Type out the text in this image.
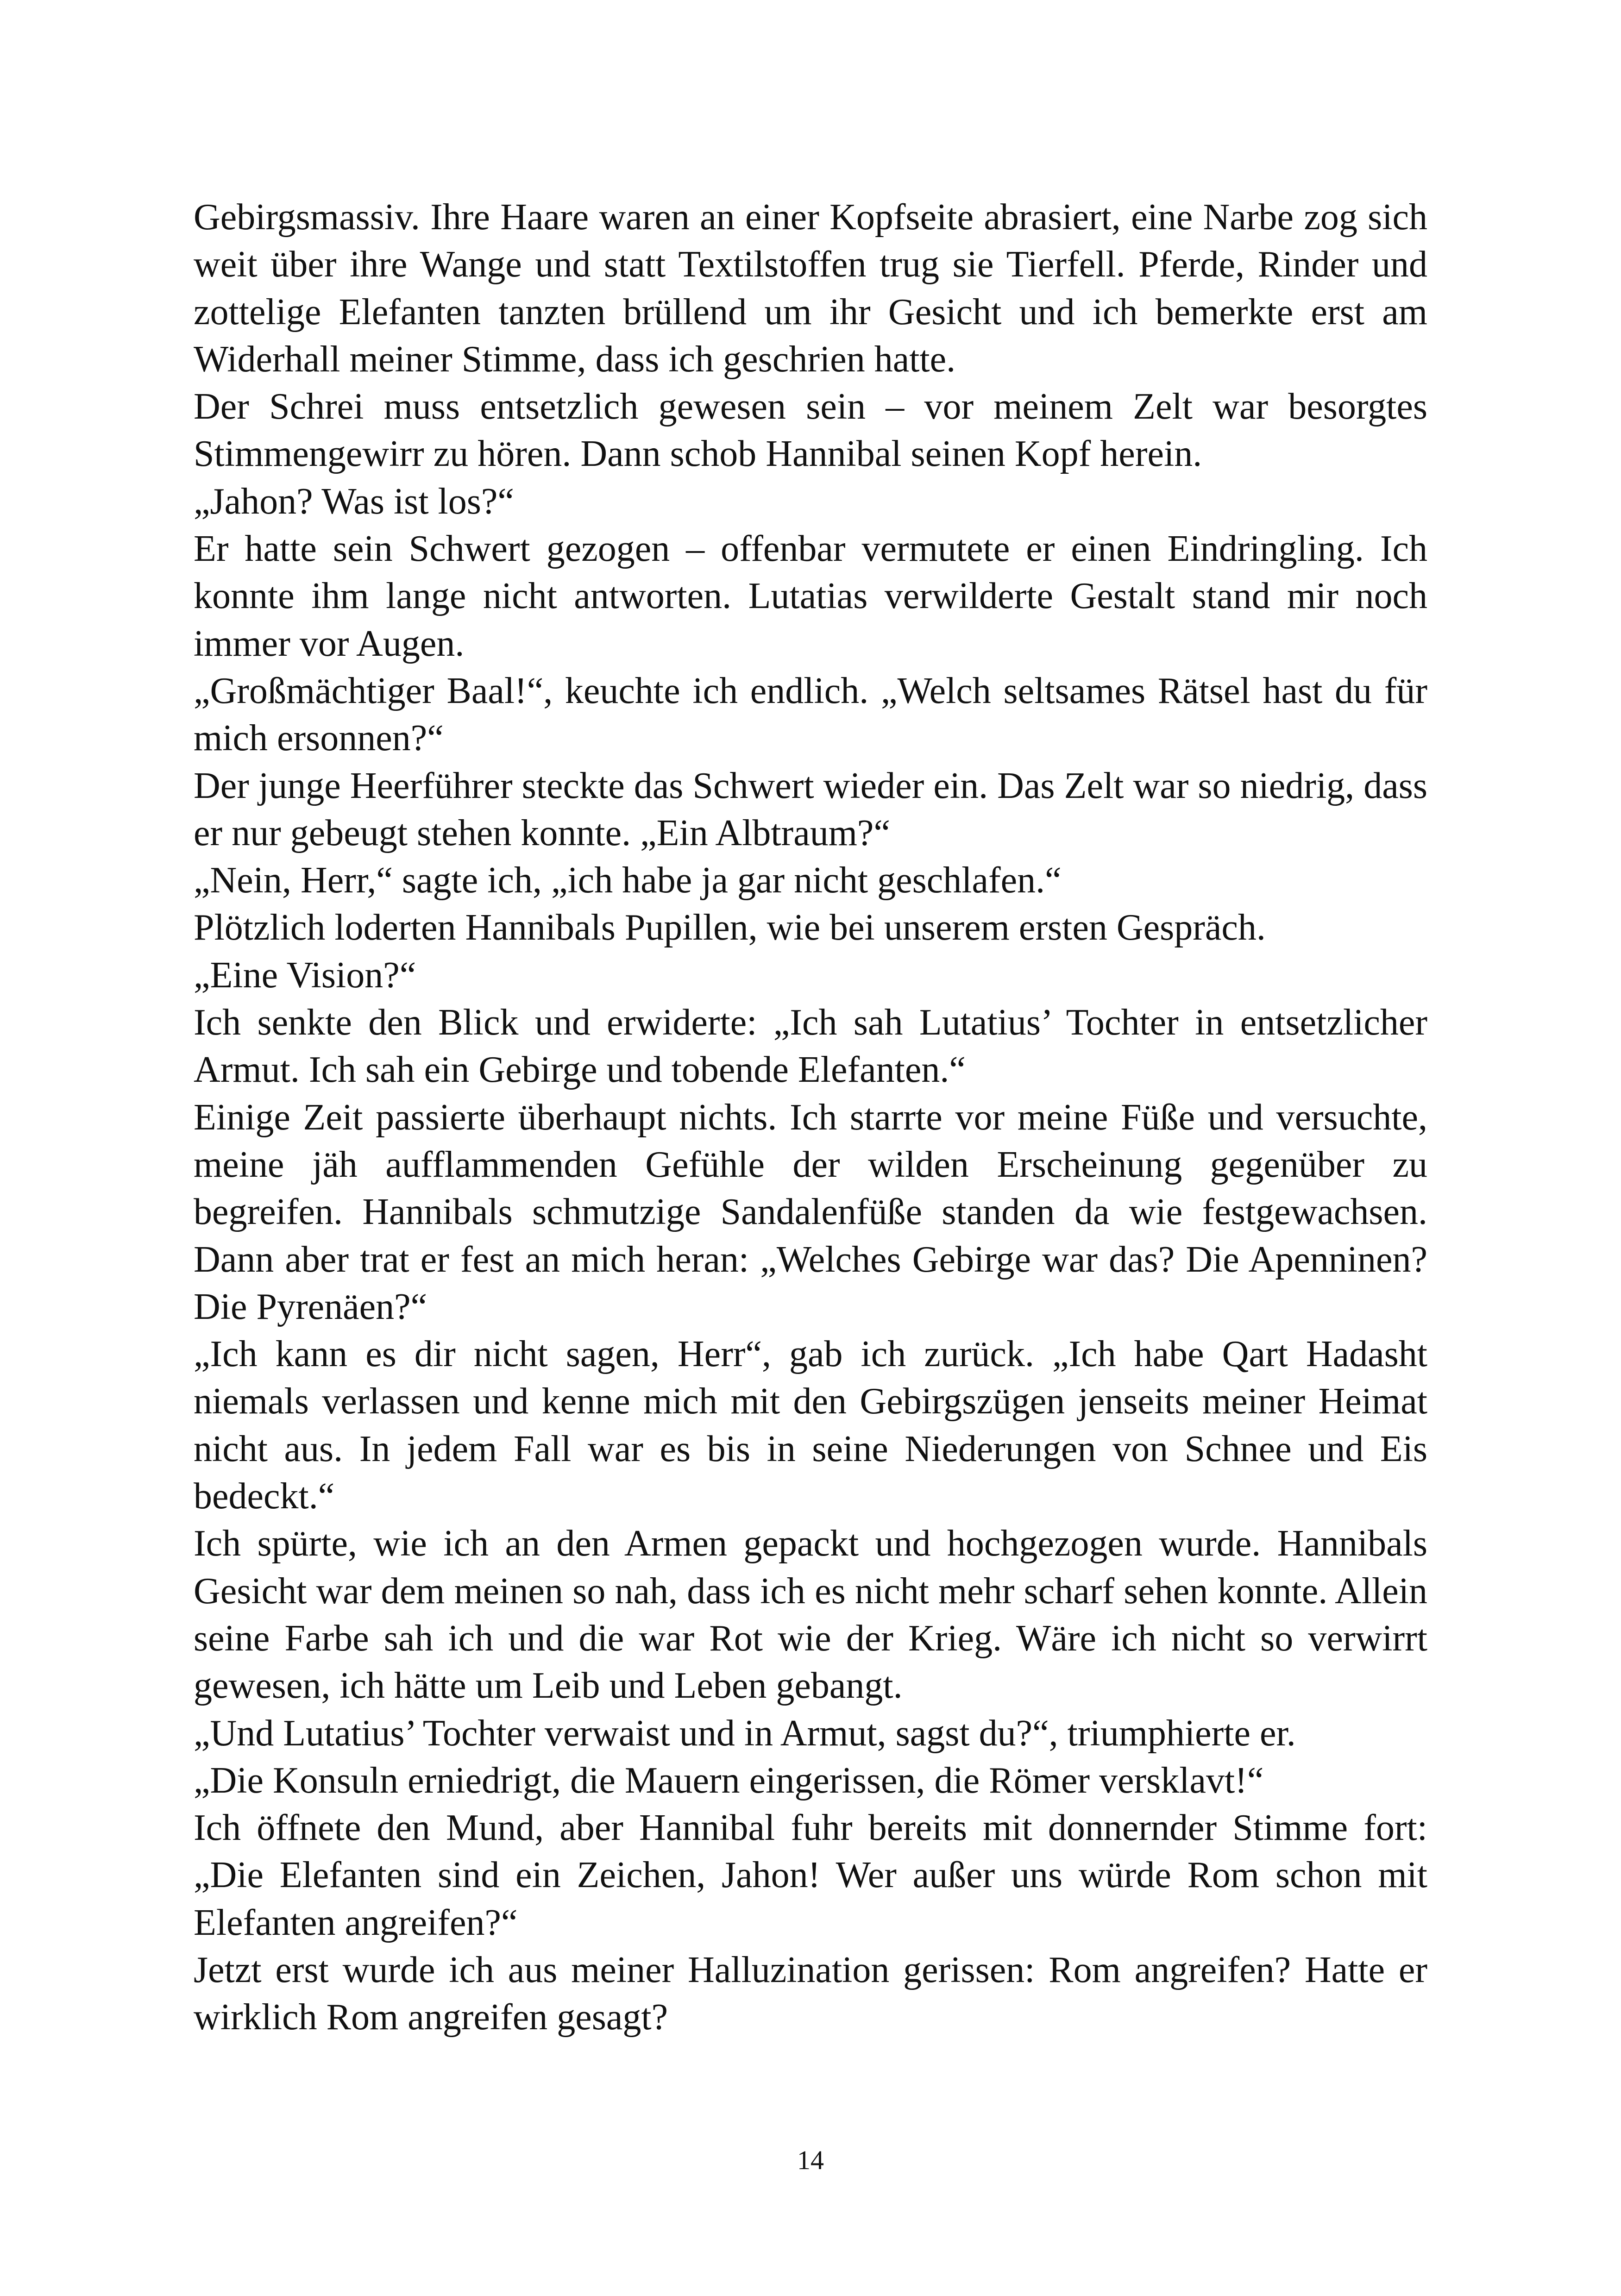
Gebirgsmassiv. Ihre Haare waren an einer Kopfseite abrasiert, eine Narbe zog sich weit über ihre Wange und statt Textilstoffen trug sie Tierfell. Pferde, Rinder und zottelige Elefanten tanzten brüllend um ihr Gesicht und ich bemerkte erst am Widerhall meiner Stimme, dass ich geschrien hatte.

Der Schrei muss entsetzlich gewesen sein – vor meinem Zelt war besorgtes Stimmengewirr zu hören. Dann schob Hannibal seinen Kopf herein.

„Jahon? Was ist los?“

Er hatte sein Schwert gezogen – offenbar vermutete er einen Eindringling. Ich konnte ihm lange nicht antworten. Lutatias verwilderte Gestalt stand mir noch immer vor Augen.

„Großmächtiger Baal!“, keuchte ich endlich. „Welch seltsames Rätsel hast du für mich ersonnen?“

Der junge Heerführer steckte das Schwert wieder ein. Das Zelt war so niedrig, dass er nur gebeugt stehen konnte. „Ein Albtraum?“

„Nein, Herr,“ sagte ich, „ich habe ja gar nicht geschlafen.“

Plötzlich loderten Hannibals Pupillen, wie bei unserem ersten Gespräch.

„Eine Vision?“

Ich senkte den Blick und erwiderte: „Ich sah Lutatius’ Tochter in entsetzlicher Armut. Ich sah ein Gebirge und tobende Elefanten.“

Einige Zeit passierte überhaupt nichts. Ich starrte vor meine Füße und versuchte, meine jäh aufflammenden Gefühle der wilden Erscheinung gegenüber zu begreifen. Hannibals schmutzige Sandalenfüße standen da wie festgewachsen. Dann aber trat er fest an mich heran: „Welches Gebirge war das? Die Apenninen? Die Pyrenäen?“

„Ich kann es dir nicht sagen, Herr“, gab ich zurück. „Ich habe Qart Hadasht niemals verlassen und kenne mich mit den Gebirgszügen jenseits meiner Heimat nicht aus. In jedem Fall war es bis in seine Niederungen von Schnee und Eis bedeckt.“

Ich spürte, wie ich an den Armen gepackt und hochgezogen wurde. Hannibals Gesicht war dem meinen so nah, dass ich es nicht mehr scharf sehen konnte. Allein seine Farbe sah ich und die war Rot wie der Krieg. Wäre ich nicht so verwirrt gewesen, ich hätte um Leib und Leben gebangt.

„Und Lutatius’ Tochter verwaist und in Armut, sagst du?“, triumphierte er.

„Die Konsuln erniedrigt, die Mauern eingerissen, die Römer versklavt!“

Ich öffnete den Mund, aber Hannibal fuhr bereits mit donnernder Stimme fort: „Die Elefanten sind ein Zeichen, Jahon! Wer außer uns würde Rom schon mit Elefanten angreifen?“

Jetzt erst wurde ich aus meiner Halluzination gerissen: Rom angreifen? Hatte er wirklich Rom angreifen gesagt?

14
